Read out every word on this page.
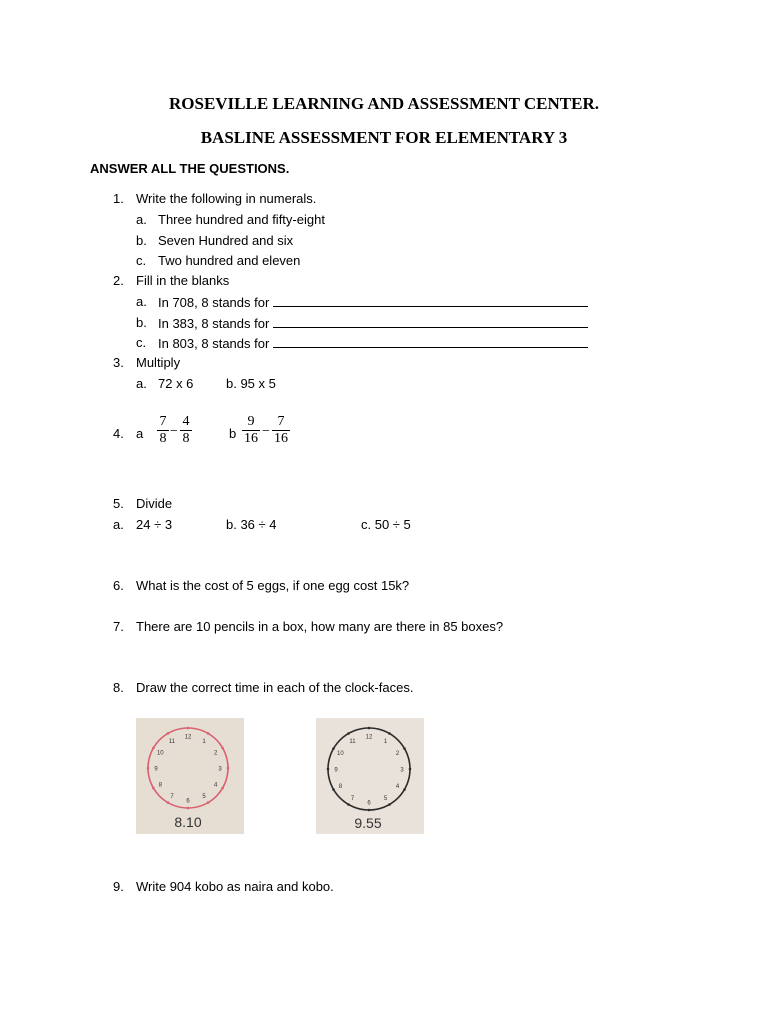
ROSEVILLE LEARNING AND ASSESSMENT CENTER.
BASLINE ASSESSMENT FOR ELEMENTARY 3
ANSWER ALL THE QUESTIONS.
1. Write the following in numerals.
a. Three hundred and fifty-eight
b. Seven Hundred and six
c. Two hundred and eleven
2. Fill in the blanks
a. In 708, 8 stands for
b. In 383, 8 stands for
c. In 803, 8 stands for
3. Multiply
a. 72 x 6	b. 95 x 5
4. a
7
8 −
4
8	b
9
16 −
7
16
5. Divide
a. 24 ÷ 3	b. 36 ÷ 4	c. 50 ÷ 5
6. What is the cost of 5 eggs, if one egg cost 15k?
7. There are 10 pencils in a box, how many are there in 85 boxes?
8. Draw the correct time in each of the clock-faces.
12
1
2
3
4
5
6
7
8
9
10
11
8.10
12
1
2
3
4
5
6
7
8
9
10
11
9.55
9. Write 904 kobo as naira and kobo.
